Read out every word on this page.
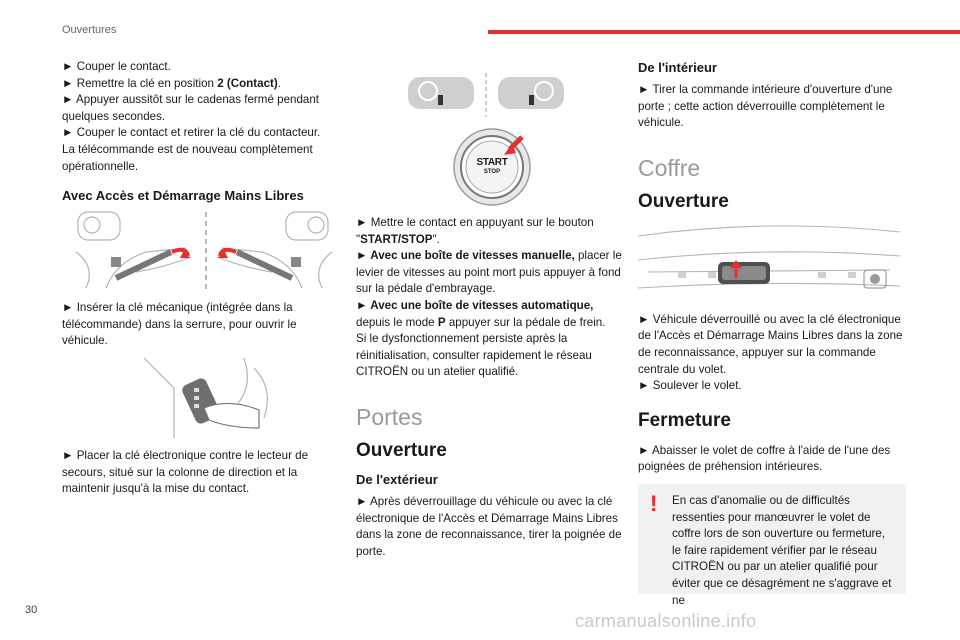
Ouvertures
► Couper le contact.
► Remettre la clé en position 2 (Contact).
► Appuyer aussitôt sur le cadenas fermé pendant quelques secondes.
► Couper le contact et retirer la clé du contacteur.
La télécommande est de nouveau complètement opérationnelle.
Avec Accès et Démarrage Mains Libres
► Insérer la clé mécanique (intégrée dans la télécommande) dans la serrure, pour ouvrir le véhicule.
► Placer la clé électronique contre le lecteur de secours, situé sur la colonne de direction et la maintenir jusqu'à la mise du contact.
START
STOP
► Mettre le contact en appuyant sur le bouton "START/STOP".
► Avec une boîte de vitesses manuelle, placer le levier de vitesses au point mort puis appuyer à fond sur la pédale d'embrayage.
► Avec une boîte de vitesses automatique, depuis le mode P appuyer sur la pédale de frein.
Si le dysfonctionnement persiste après la réinitialisation, consulter rapidement le réseau CITROËN ou un atelier qualifié.
Portes
Ouverture
De l'extérieur
► Après déverrouillage du véhicule ou avec la clé électronique de l'Accès et Démarrage Mains Libres dans la zone de reconnaissance, tirer la poignée de porte.
De l'intérieur
► Tirer la commande intérieure d'ouverture d'une porte ; cette action déverrouille complètement le véhicule.
Coffre
Ouverture
► Véhicule déverrouillé ou avec la clé électronique de l'Accès et Démarrage Mains Libres dans la zone de reconnaissance, appuyer sur la commande centrale du volet.
► Soulever le volet.
Fermeture
► Abaisser le volet de coffre à l'aide de l'une des poignées de préhension intérieures.
! En cas d'anomalie ou de difficultés ressenties pour manœuvrer le volet de coffre lors de son ouverture ou fermeture, le faire rapidement vérifier par le réseau CITROËN ou par un atelier qualifié pour éviter que ce désagrément ne s'aggrave et ne
30
carmanualsonline.info
